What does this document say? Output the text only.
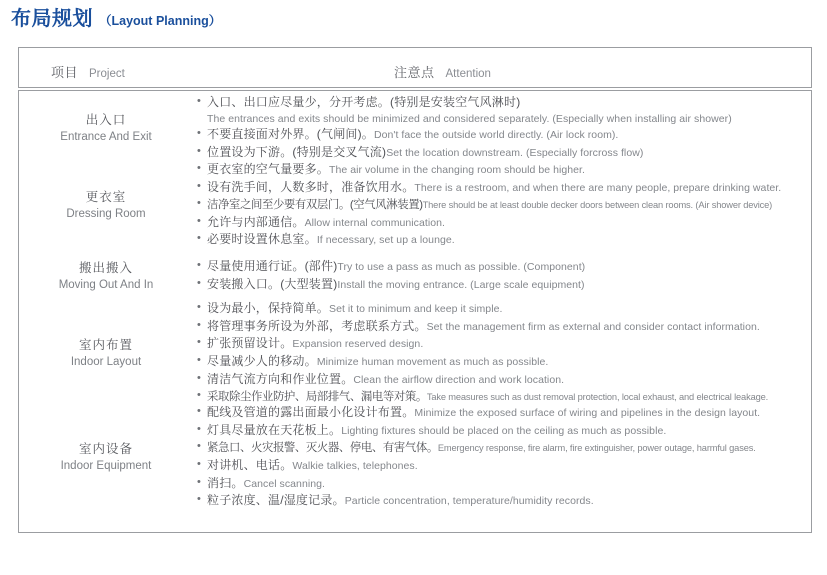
布局规划 （Layout Planning）
项目 Project	注意点 Attention
出入口
Entrance And Exit
• 入口、出口应尽量少，分开考虑。(特别是安装空气风淋时)
The entrances and exits should be minimized and considered separately. (Especially when installing air shower)
• 不要直接面对外界。(气闸间)。Don't face the outside world directly. (Air lock room).
• 位置设为下游。(特别是交叉气流)Set the location downstream. (Especially forcross flow)
更衣室
Dressing Room
• 更衣室的空气量要多。The air volume in the changing room should be higher.
• 设有洗手间，人数多时，准备饮用水。There is a restroom, and when there are many people, prepare drinking water.
• 洁净室之间至少要有双层门。(空气风淋装置)There should be at least double decker doors between clean rooms. (Air shower device)
• 允许与内部通信。Allow internal communication.
• 必要时设置休息室。If necessary, set up a lounge.
搬出搬入
Moving Out And In
• 尽量使用通行证。(部件)Try to use a pass as much as possible. (Component)
• 安装搬入口。(大型装置)Install the moving entrance. (Large scale equipment)
室内布置
Indoor Layout
• 设为最小，保持简单。Set it to minimum and keep it simple.
• 将管理事务所设为外部，考虑联系方式。Set the management firm as external and consider contact information.
• 扩张预留设计。Expansion reserved design.
• 尽量减少人的移动。Minimize human movement as much as possible.
• 清洁气流方向和作业位置。Clean the airflow direction and work location.
• 采取除尘作业防护、局部排气、漏电等对策。Take measures such as dust removal protection, local exhaust, and electrical leakage.
室内设备
Indoor Equipment
• 配线及管道的露出面最小化设计布置。Minimize the exposed surface of wiring and pipelines in the design layout.
• 灯具尽量放在天花板上。Lighting fixtures should be placed on the ceiling as much as possible.
• 紧急口、火灾报警、灭火器、停电、有害气体。Emergency response, fire alarm, fire extinguisher, power outage, harmful gases.
• 对讲机、电话。Walkie talkies, telephones.
• 消扫。Cancel scanning.
• 粒子浓度、温/湿度记录。Particle concentration, temperature/humidity records.
